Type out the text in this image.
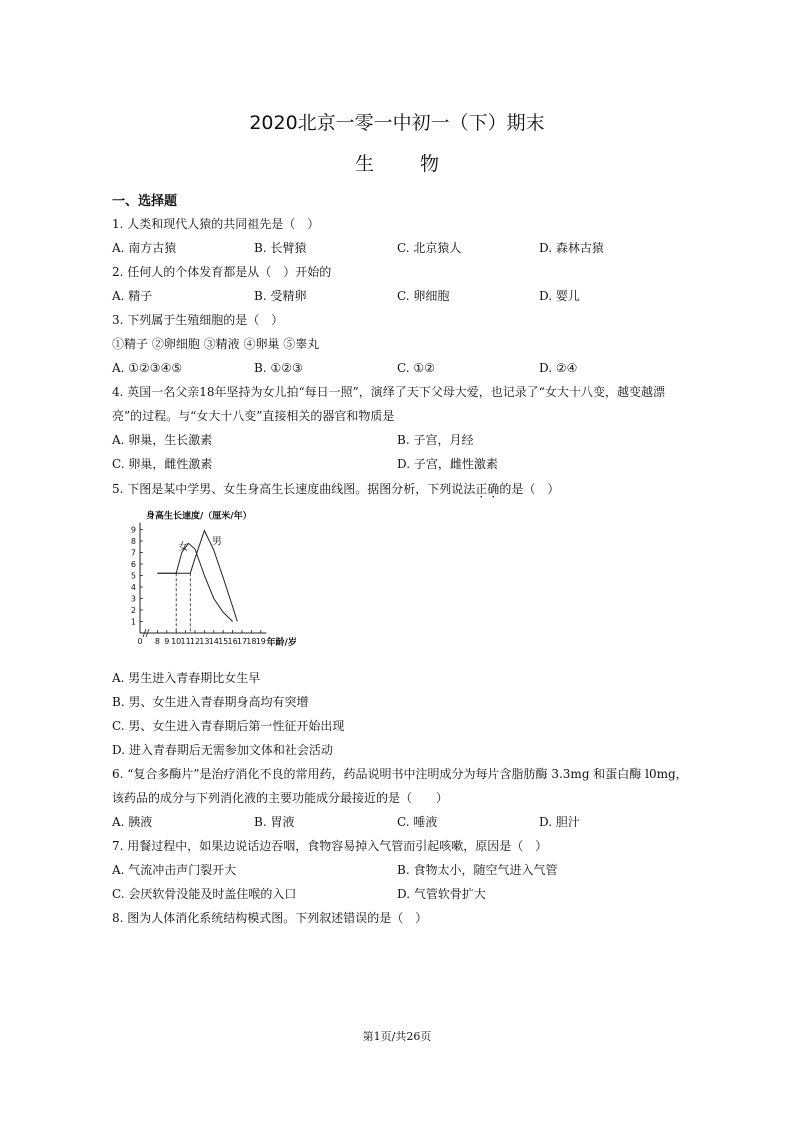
2020北京一零一中初一（下）期末
生物
一、选择题
1. 人类和现代人猿的共同祖先是（　）
A. 南方古猿	B. 长臂猿	C. 北京猿人	D. 森林古猿
2. 任何人的个体发育都是从（　）开始的
A. 精子	B. 受精卵	C. 卵细胞	D. 婴儿
3. 下列属于生殖细胞的是（　）
①精子 ②卵细胞 ③精液 ④卵巢 ⑤睾丸
A. ①②③④⑤	B. ①②③	C. ①②	D. ②④
4. 英国一名父亲18年坚持为女儿拍“每日一照”，演绎了天下父母大爱，也记录了“女大十八变，越变越漂
亮”的过程。与“女大十八变”直接相关的器官和物质是
A. 卵巢，生长激素	B. 子宫，月经
C. 卵巢，雌性激素	D. 子宫，雌性激素
5. 下图是某中学男、女生身高生长速度曲线图。据图分析，下列说法正确的是（　）
1
2
3
4
5
6
7
8
9
0 8 9 10 11 12 13 14 15 16 17 18 19
身高生长速度/（厘米/年）
年龄/岁
女
男
A. 男生进入青春期比女生早
B. 男、女生进入青春期身高均有突增
C. 男、女生进入青春期后第一性征开始出现
D. 进入青春期后无需参加文体和社会活动
6. “复合多酶片”是治疗消化不良的常用药，药品说明书中注明成分为每片含脂肪酶 3.3mg 和蛋白酶 l0mg，
该药品的成分与下列消化液的主要功能成分最接近的是（　　）
A. 胰液	B. 胃液	C. 唾液	D. 胆汁
7. 用餐过程中，如果边说话边吞咽，食物容易掉入气管而引起咳嗽，原因是（　）
A. 气流冲击声门裂开大	B. 食物太小，随空气进入气管
C. 会厌软骨没能及时盖住喉的入口	D. 气管软骨扩大
8. 图为人体消化系统结构模式图。下列叙述错误的是（　）
第1页/共26页
